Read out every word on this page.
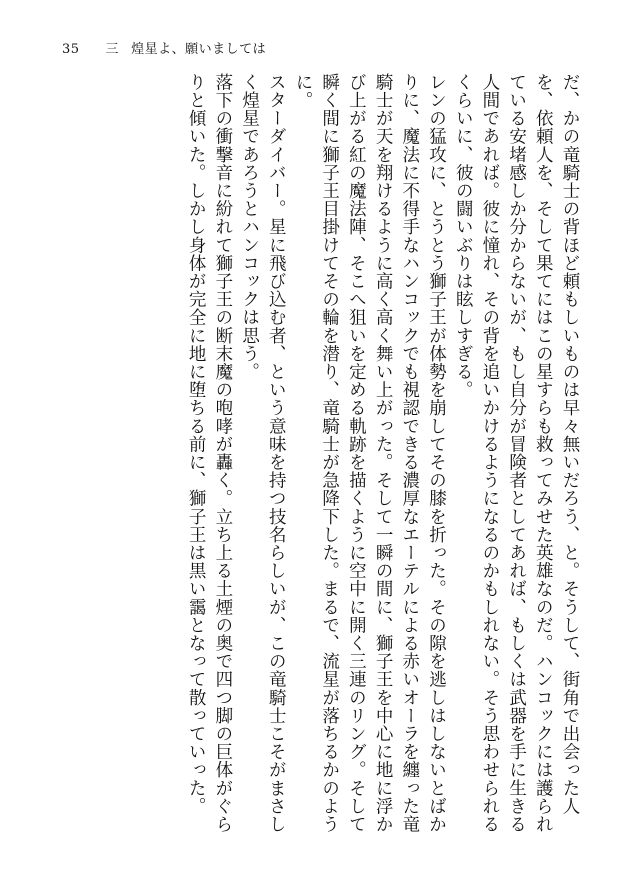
35 三 煌星よ、願いましては

だ、かの竜騎士の背ほど頼もしいものは早々無いだろう、と。そうして、街角で出会った人を、依頼人を、そして果てにはこの星すらも救ってみせた英雄なのだ。ハンコックには護られている安堵感しか分からないが、もし自分が冒険者としてあれば、もしくは武器を手に生きる人間であれば。彼に憧れ、その背を追いかけるようになるのかもしれない。そう思わせられるくらいに、彼の闘いぶりは眩しすぎる。

レンの猛攻に、とうとう獅子王が体勢を崩してその膝を折った。その隙を逃しはしないとばかりに、魔法に不得手なハンコックでも視認できる濃厚なエーテルによる赤いオーラを纏った竜騎士が天を翔けるように高く高く舞い上がった。そして一瞬の間に、獅子王を中心に地に浮かび上がる紅の魔法陣、そこへ狙いを定める軌跡を描くように空中に開く三連のリング。そして瞬く間に獅子王目掛けてその輪を潜り、竜騎士が急降下した。まるで、流星が落ちるかのように。

スターダイバー。星に飛び込む者、という意味を持つ技名らしいが、この竜騎士こそがまさしく煌星であろうとハンコックは思う。

落下の衝撃音に紛れて獅子王の断末魔の咆哮が轟く。立ち上る土煙の奥で四つ脚の巨体がぐらりと傾いた。しかし身体が完全に地に堕ちる前に、獅子王は黒い靄となって散っていった。
